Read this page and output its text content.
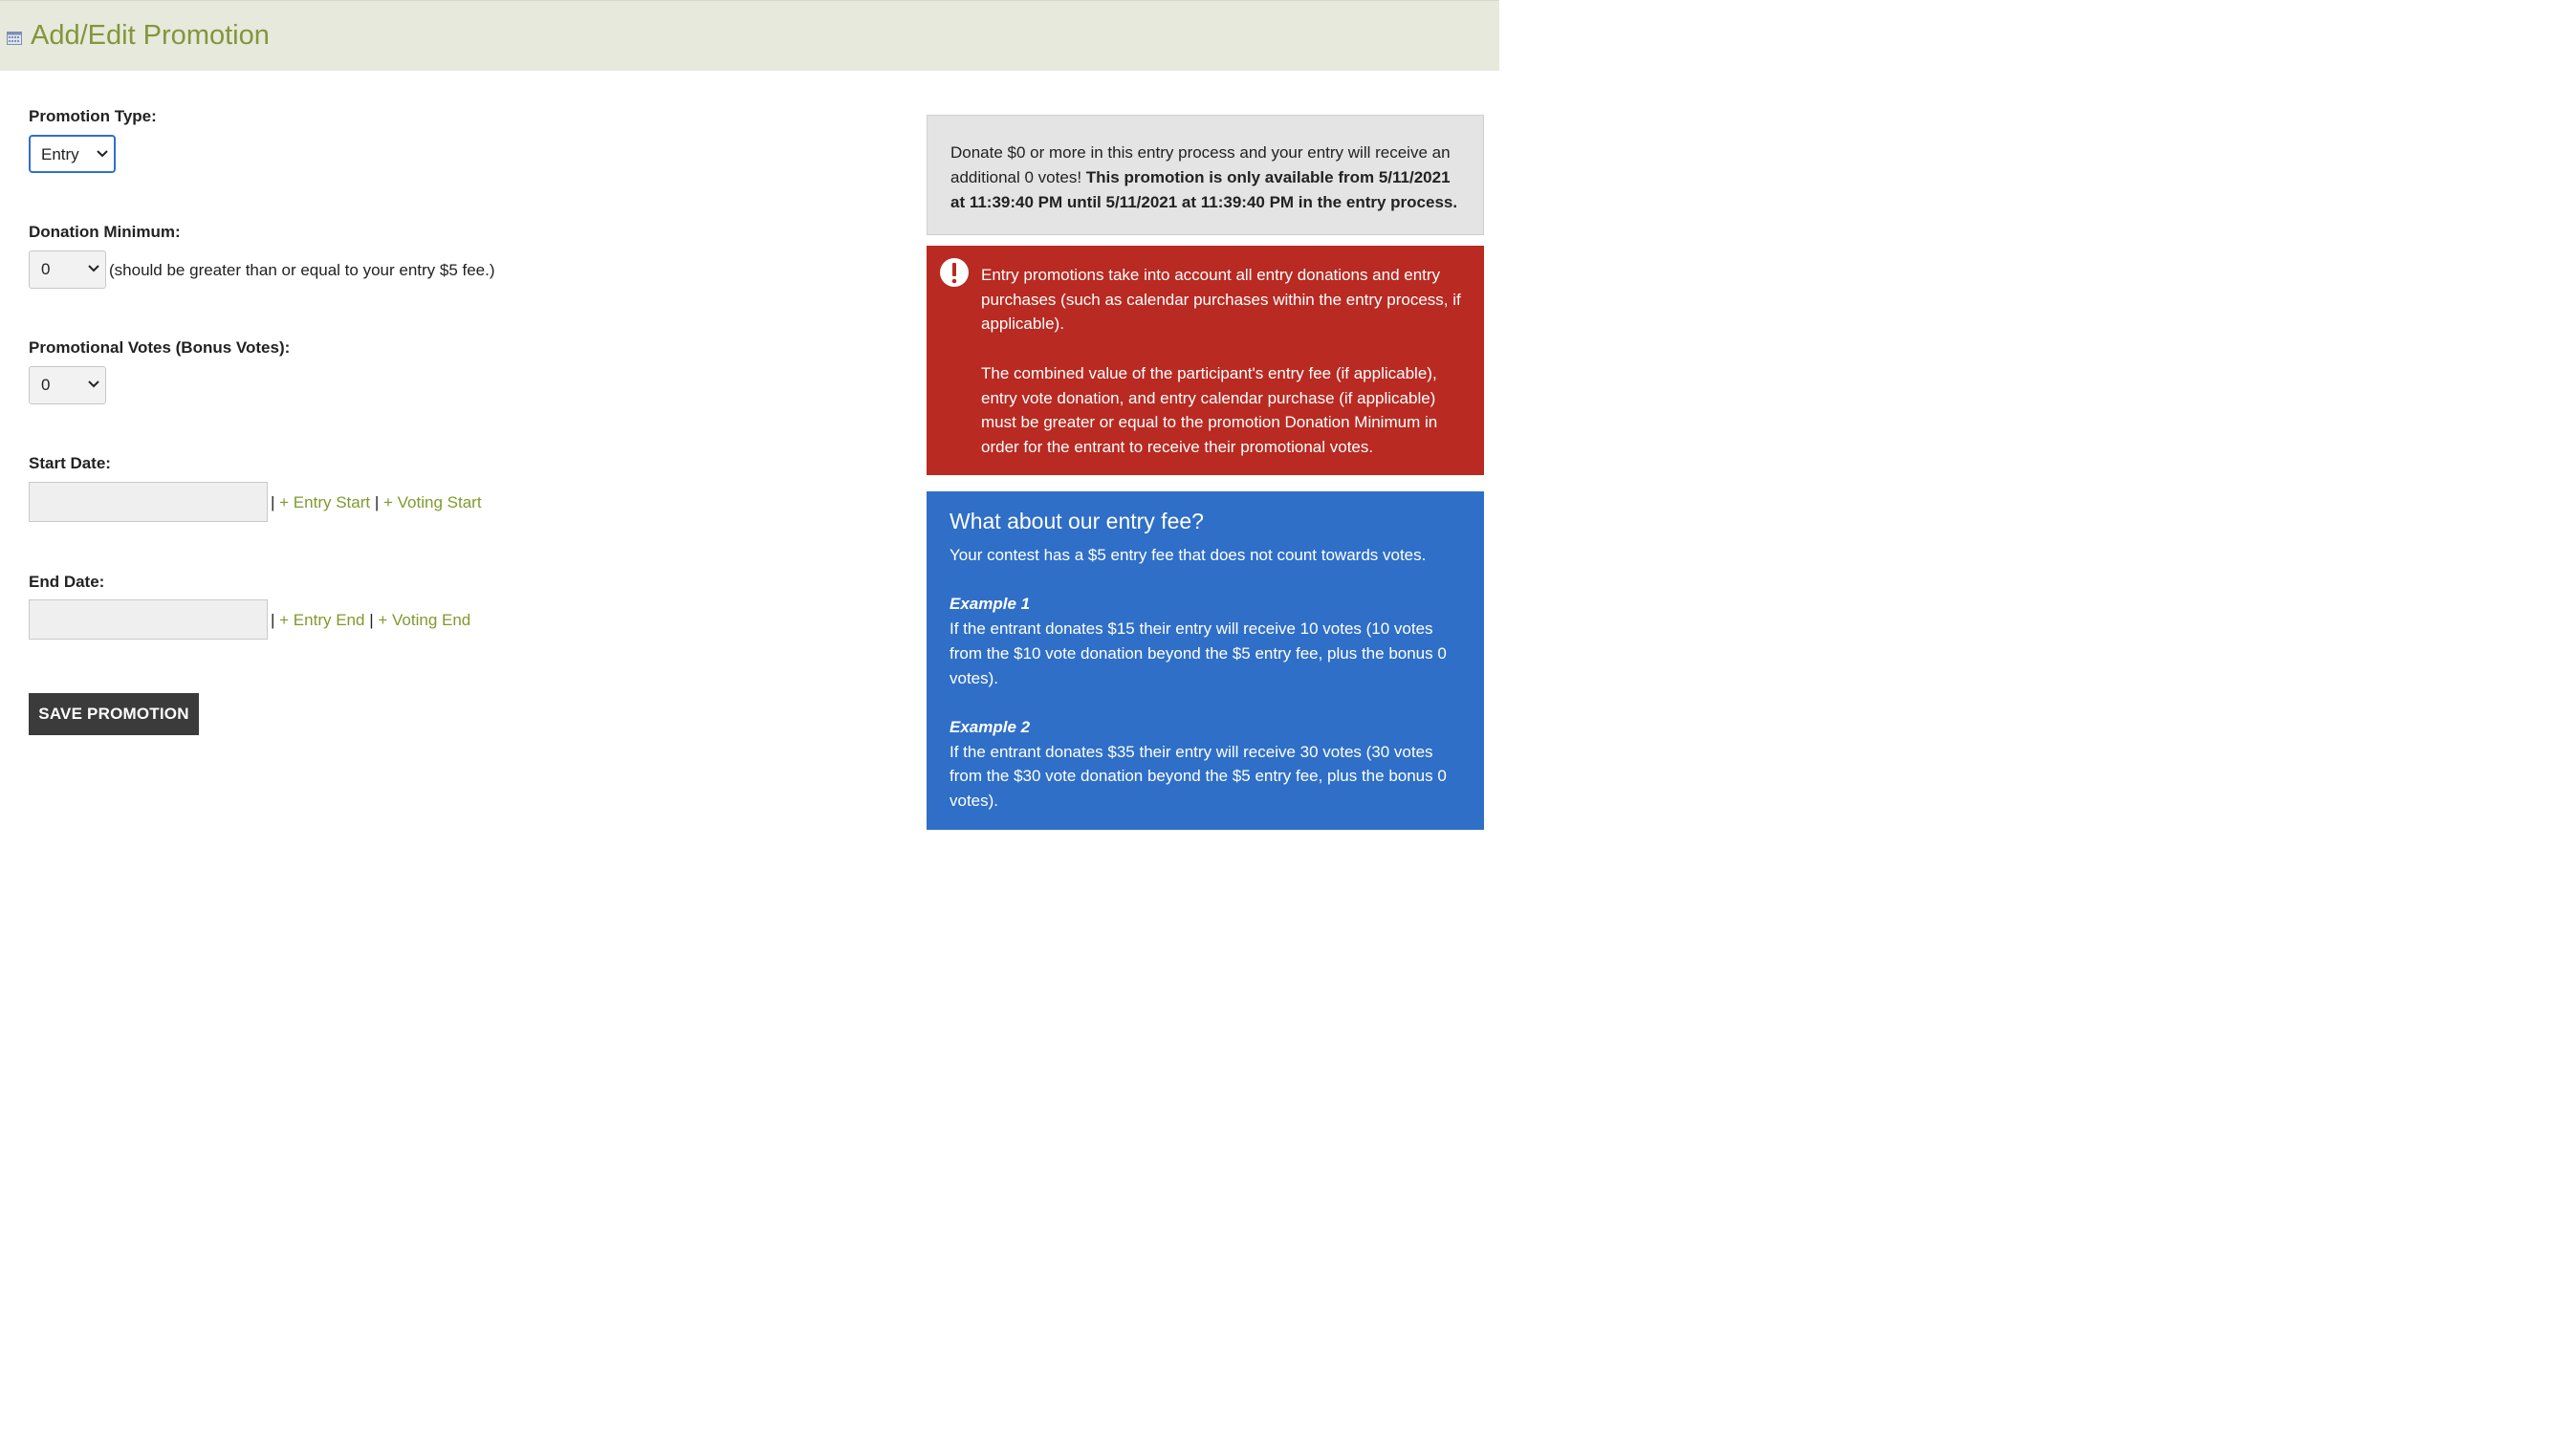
Add/Edit Promotion
Promotion Type:
Entry
Donation Minimum:
0	(should be greater than or equal to your entry $5 fee.)
Promotional Votes (Bonus Votes):
0
Start Date:
| + Entry Start | + Voting Start
End Date:
| + Entry End | + Voting End
SAVE PROMOTION
Donate $0 or more in this entry process and your entry will receive an additional 0 votes! This promotion is only available from 5/11/2021 at 11:39:40 PM until 5/11/2021 at 11:39:40 PM in the entry process.
Entry promotions take into account all entry donations and entry purchases (such as calendar purchases within the entry process, if applicable).
The combined value of the participant's entry fee (if applicable), entry vote donation, and entry calendar purchase (if applicable) must be greater or equal to the promotion Donation Minimum in order for the entrant to receive their promotional votes.
What about our entry fee?

Your contest has a $5 entry fee that does not count towards votes.

Example 1

If the entrant donates $15 their entry will receive 10 votes (10 votes from the $10 vote donation beyond the $5 entry fee, plus the bonus 0 votes).

Example 2

If the entrant donates $35 their entry will receive 30 votes (30 votes from the $30 vote donation beyond the $5 entry fee, plus the bonus 0 votes).
